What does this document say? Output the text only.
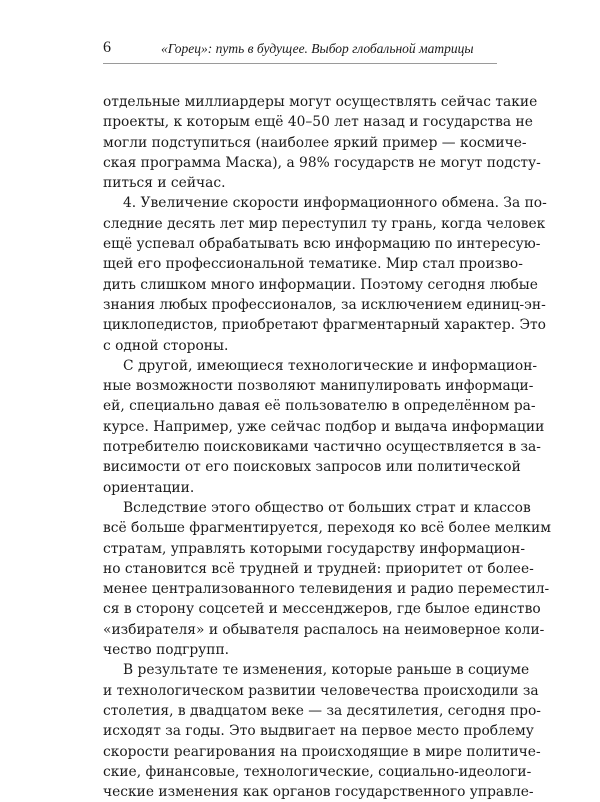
6	«Горец»: путь в будущее. Выбор глобальной матрицы
отдельные миллиардеры могут осуществлять сейчас такие
проекты, к которым ещё 40–50 лет назад и государства не
могли подступиться (наиболее яркий пример — космиче-
ская программа Маска), а 98% государств не могут подсту-
питься и сейчас.
4. Увеличение скорости информационного обмена. За по-
следние десять лет мир переступил ту грань, когда человек
ещё успевал обрабатывать всю информацию по интересую-
щей его профессиональной тематике. Мир стал произво-
дить слишком много информации. Поэтому сегодня любые
знания любых профессионалов, за исключением единиц-эн-
циклопедистов, приобретают фрагментарный характер. Это
с одной стороны.
С другой, имеющиеся технологические и информацион-
ные возможности позволяют манипулировать информаци-
ей, специально давая её пользователю в определённом ра-
курсе. Например, уже сейчас подбор и выдача информации
потребителю поисковиками частично осуществляется в за-
висимости от его поисковых запросов или политической
ориентации.
Вследствие этого общество от больших страт и классов
всё больше фрагментируется, переходя ко всё более мелким
стратам, управлять которыми государству информацион-
но становится всё трудней и трудней: приоритет от более-
менее централизованного телевидения и радио переместил-
ся в сторону соцсетей и мессенджеров, где былое единство
«избирателя» и обывателя распалось на неимоверное коли-
чество подгрупп.
В результате те изменения, которые раньше в социуме
и технологическом развитии человечества происходили за
столетия, в двадцатом веке — за десятилетия, сегодня про-
исходят за годы. Это выдвигает на первое место проблему
скорости реагирования на происходящие в мире политиче-
ские, финансовые, технологические, социально-идеологи-
ческие изменения как органов государственного управле-
